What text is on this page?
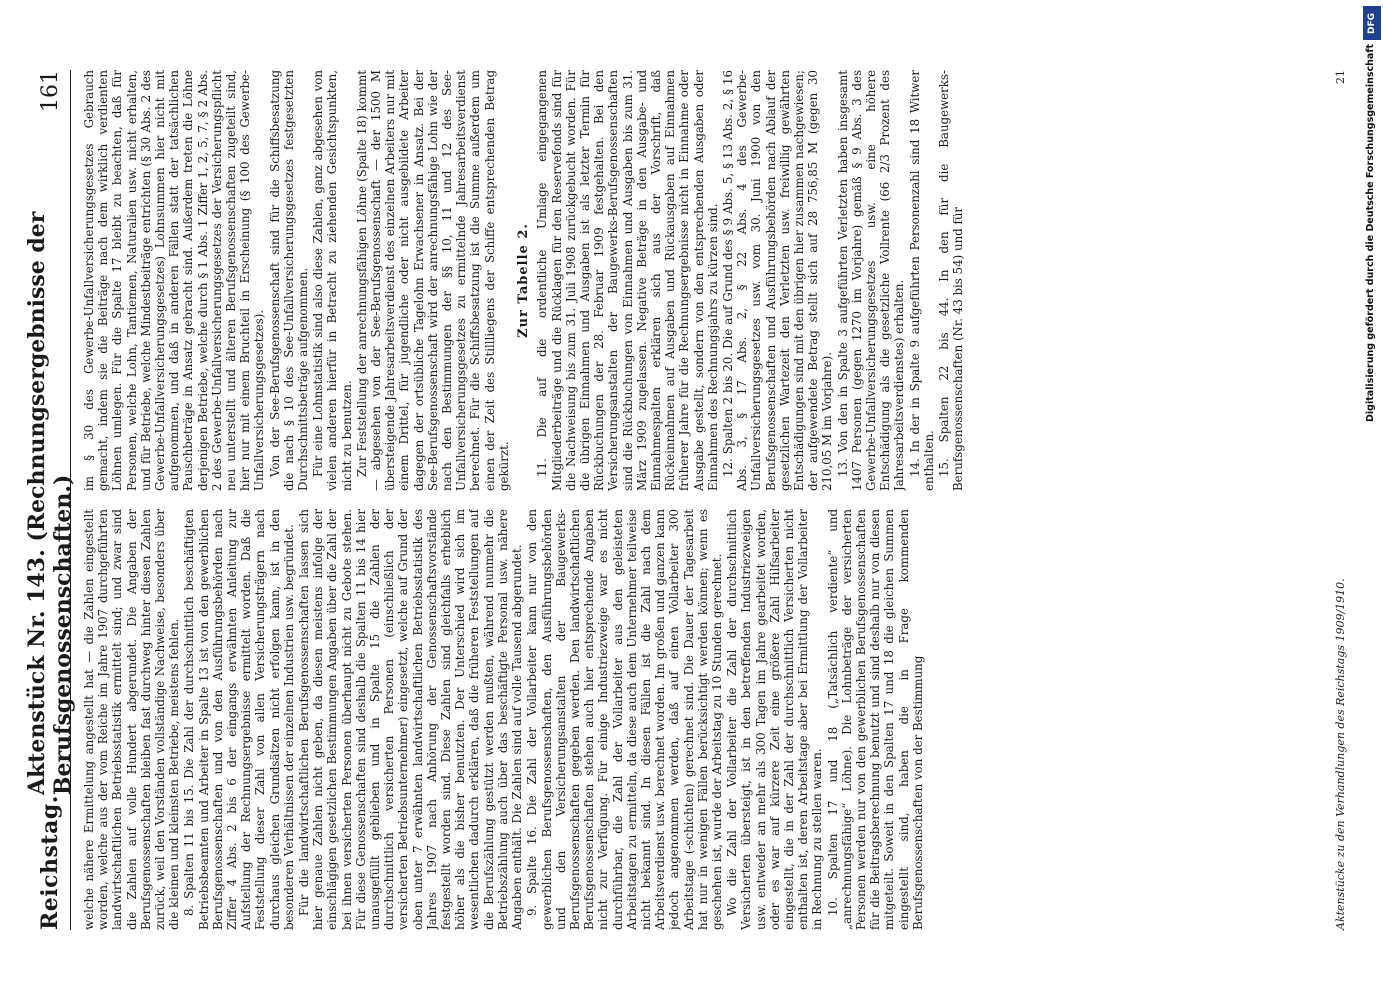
Reichstag.
Aktenstück Nr. 143. (Rechnungsergebnisse der Berufsgenossenschaften.)
161

welche nähere Ermittelung angestellt hat — die Zahlen eingestellt worden, welche aus der vom Reiche im Jahre 1907 durchgeführten landwirtschaftlichen Betriebsstatistik ermittelt sind; und zwar sind die Zahlen auf volle Hundert abgerundet. Die Angaben der Berufsgenossenschaften bleiben fast durchweg hinter diesen Zahlen zurück, weil den Vorständen vollständige Nachweise, besonders über die kleinen und kleinsten Betriebe, meistens fehlen. 8. Spalten 11 bis 15. Die Zahl der durchschnittlich beschäftigten Betriebsbeamten und Arbeiter in Spalte 13 ist von den gewerblichen Berufsgenossenschaften und von den Ausführungsbehörden nach Ziffer 4 Abs. 2 bis 6 der eingangs erwähnten Anleitung zur Aufstellung der Rechnungsergebnisse ermittelt worden. Daß die Feststellung dieser Zahl von allen Versicherungsträgern nach durchaus gleichen Grundsätzen nicht erfolgen kann, ist in den besonderen Verhältnissen der einzelnen Industrien usw. begründet. Für die landwirtschaftlichen Berufsgenossenschaften lassen sich hier genaue Zahlen nicht geben, da diesen meistens infolge der einschlägigen gesetzlichen Bestimmungen Angaben über die Zahl der bei ihnen versicherten Personen überhaupt nicht zu Gebote stehen. Für diese Genossenschaften sind deshalb die Spalten 11 bis 14 hier unausgefüllt geblieben und in Spalte 15 die Zahlen der durchschnittlich versicherten Personen (einschließlich der versicherten Betriebsunternehmer) eingesetzt, welche auf Grund der oben unter 7 erwähnten landwirtschaftlichen Betriebsstatistik des Jahres 1907 nach Anhörung der Genossenschaftsvorstände festgestellt worden sind. Diese Zahlen sind gleichfalls erheblich höher als die bisher benutzten. Der Unterschied wird sich im wesentlichen dadurch erklären, daß die früheren Feststellungen auf die Berufszählung gestützt werden mußten, während nunmehr die Betriebszählung auch über das beschäftigte Personal usw. nähere Angaben enthält. Die Zahlen sind auf volle Tausend abgerundet. 9. Spalte 16. Die Zahl der Vollarbeiter kann nur von den gewerblichen Berufsgenossenschaften, den Ausführungsbehörden und den Versicherungsanstalten der Baugewerks-Berufsgenossenschaften gegeben werden. Den landwirtschaftlichen Berufsgenossenschaften stehen auch hier entsprechende Angaben nicht zur Verfügung. Für einige Industriezweige war es nicht durchführbar, die Zahl der Vollarbeiter aus den geleisteten Arbeitstagen zu ermitteln, da diese auch dem Unternehmer teilweise nicht bekannt sind. In diesen Fällen ist die Zahl nach dem Arbeitsverdienst usw. berechnet worden. Im großen und ganzen kann jedoch angenommen werden, daß auf einen Vollarbeiter 300 Arbeitstage (-schichten) gerechnet sind. Die Dauer der Tagesarbeit hat nur in wenigen Fällen berücksichtigt werden können; wenn es geschehen ist, wurde der Arbeitstag zu 10 Stunden gerechnet. Wo die Zahl der Vollarbeiter die Zahl der durchschnittlich Versicherten übersteigt, ist in den betreffenden Industriezweigen usw. entweder an mehr als 300 Tagen im Jahre gearbeitet worden, oder es war auf kürzere Zeit eine größere Zahl Hilfsarbeiter eingestellt, die in der Zahl der durchschnittlich Versicherten nicht enthalten ist, deren Arbeitstage aber bei Ermittlung der Vollarbeiter in Rechnung zu stellen waren. 10. Spalten 17 und 18 („Tatsächlich verdiente“ und „anrechnungsfähige“ Löhne). Die Lohnbeträge der versicherten Personen werden nur von den gewerblichen Berufsgenossenschaften für die Beitragsberechnung benutzt und sind deshalb nur von diesen mitgeteilt. Soweit in den Spalten 17 und 18 die gleichen Summen eingestellt sind, haben die in Frage kommenden Berufsgenossenschaften von der Bestimmung

im § 30 des Gewerbe-Unfallversicherungsgesetzes Gebrauch gemacht, indem sie die Beiträge nach dem wirklich verdienten Löhnen umlegen. Für die Spalte 17 bleibt zu beachten, daß für Personen, welche Lohn, Tantiemen, Naturalien usw. nicht erhalten, und für Betriebe, welche Mindestbeiträge entrichten (§ 30 Abs. 2 des Gewerbe-Unfallversicherungsgesetzes) Lohnsummen hier nicht mit aufgenommen, und daß in anderen Fällen statt der tatsächlichen Pauschbeträge in Ansatz gebracht sind. Außerdem treten die Löhne derjenigen Betriebe, welche durch § 1 Abs. 1 Ziffer 1, 2, 5, 7, § 2 Abs. 2 des Gewerbe-Unfallversicherungsgesetzes der Versicherungspflicht neu unterstellt und älteren Berufsgenossenschaften zugeteilt sind, hier nur mit einem Bruchteil in Erscheinung (§ 100 des Gewerbe-Unfallversicherungsgesetzes). Von der See-Berufsgenossenschaft sind für die Schiffsbesatzung die nach § 10 des See-Unfallversicherungsgesetzes festgesetzten Durchschnittsbeträge aufgenommen. Für eine Lohnstatistik sind also diese Zahlen, ganz abgesehen von vielen anderen hierfür in Betracht zu ziehenden Gesichtspunkten, nicht zu benutzen. Zur Feststellung der anrechnungsfähigen Löhne (Spalte 18) kommt — abgesehen von der See-Berufsgenossenschaft — der 1500 M übersteigende Jahresarbeitsverdienst des einzelnen Arbeiters nur mit einem Drittel, für jugendliche oder nicht ausgebildete Arbeiter dagegen der ortsübliche Tagelohn Erwachsener in Ansatz. Bei der See-Berufsgenossenschaft wird der anrechnungsfähige Lohn wie der nach den Bestimmungen der §§ 10, 11 und 12 des See-Unfallversicherungsgesetzes zu ermittelnde Jahresarbeitsverdienst berechnet. Für die Schiffsbesatzung ist die Summe außerdem um einen der Zeit des Stillliegens der Schiffe entsprechenden Betrag gekürzt.

Zur Tabelle 2. 11. Die auf die ordentliche Umlage eingegangenen Mitgliederbeiträge und die Rücklagen für den Reservefonds sind für die Nachweisung bis zum 31. Juli 1908 zurückgebucht worden. Für die übrigen Einnahmen und Ausgaben ist als letzter Termin für Rückbuchungen der 28. Februar 1909 festgehalten. Bei den Versicherungsanstalten der Baugewerks-Berufsgenossenschaften sind die Rückbuchungen von Einnahmen und Ausgaben bis zum 31. März 1909 zugelassen. Negative Beträge in den Ausgabe- und Einnahmespalten erklären sich aus der Vorschrift, daß Rückeinnahmen auf Ausgaben und Rückausgaben auf Einnahmen früherer Jahre für die Rechnungsergebnisse nicht in Einnahme oder Ausgabe gestellt, sondern von den entsprechenden Ausgaben oder Einnahmen des Rechnungsjahrs zu kürzen sind. 12. Spalten 2 bis 20. Die auf Grund des § 9 Abs. 5, § 13 Abs. 2, § 16 Abs. 3, § 17 Abs. 2, § 22 Abs. 4 des Gewerbe-Unfallversicherungsgesetzes usw. vom 30. Juni 1900 von den Berufsgenossenschaften und Ausführungsbehörden nach Ablauf der gesetzlichen Wartezeit den Verletzten usw. freiwillig gewährten Entschädigungen sind mit den übrigen hier zusammen nachgewiesen; der aufgewendete Betrag stellt sich auf 28 756,85 M (gegen 30 210,05 M im Vorjahre). 13. Von den in Spalte 3 aufgeführten Verletzten haben insgesamt 1407 Personen (gegen 1270 im Vorjahre) gemäß § 9 Abs. 3 des Gewerbe-Unfallversicherungsgesetzes usw. eine höhere Entschädigung als die gesetzliche Vollrente (66 2/3 Prozent des Jahresarbeitsverdienstes) erhalten. 14. In der in Spalte 9 aufgeführten Personenzahl sind 18 Witwer enthalten. 15. Spalten 22 bis 44. In den für die Baugewerks-Berufsgenossenschaften (Nr. 43 bis 54) und für

Aktenstücke zu den Verhandlungen des Reichstags 1909/1910.
21
DFG
Digitalisierung gefördert durch die Deutsche Forschungsgemeinschaft
